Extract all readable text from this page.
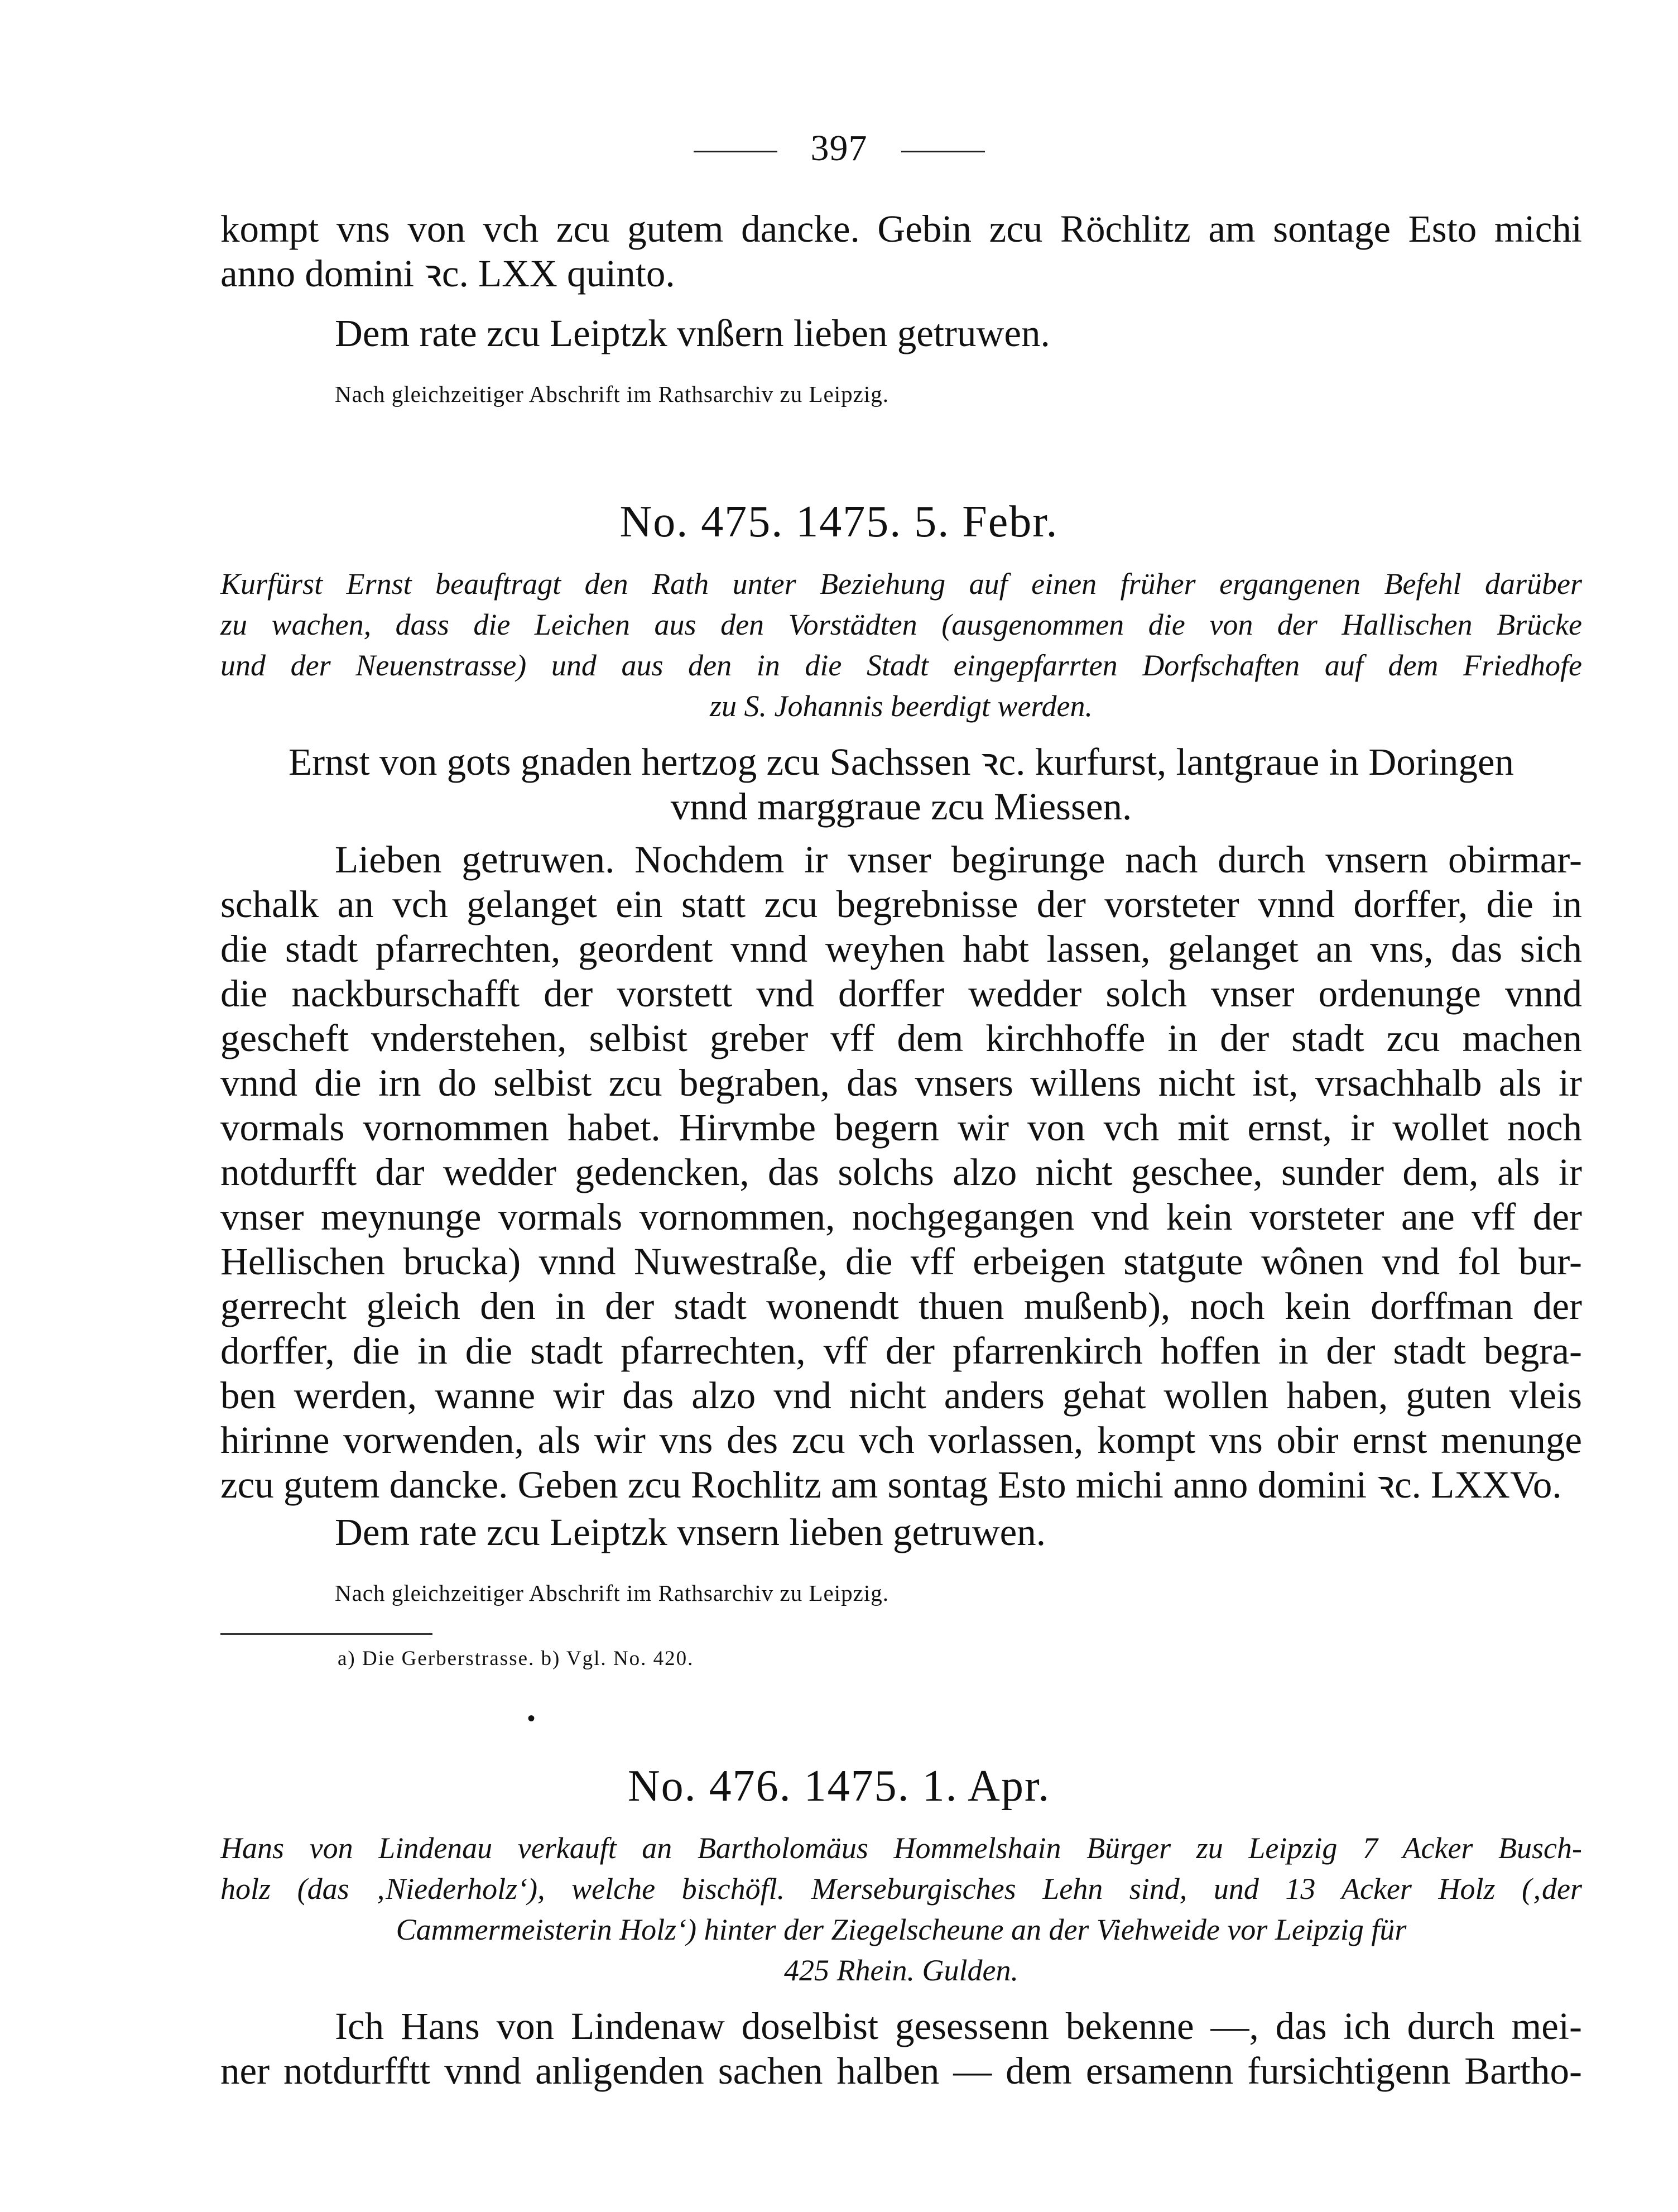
397
kompt vns von vch zcu gutem dancke. Gebin zcu Röchlitz am sontage Esto michi
anno domini ꝛc. LXX quinto.
Dem rate zcu Leiptzk vnßern lieben getruwen.
Nach gleichzeitiger Abschrift im Rathsarchiv zu Leipzig.
No. 475. 1475. 5. Febr.
Kurfürst Ernst beauftragt den Rath unter Beziehung auf einen früher ergangenen Befehl darüber
zu wachen, dass die Leichen aus den Vorstädten (ausgenommen die von der Hallischen Brücke
und der Neuenstrasse) und aus den in die Stadt eingepfarrten Dorfschaften auf dem Friedhofe
zu S. Johannis beerdigt werden.
Ernst von gots gnaden hertzog zcu Sachssen ꝛc. kurfurst, lantgraue in Doringen
vnnd marggraue zcu Miessen.
Lieben getruwen. Nochdem ir vnser begirunge nach durch vnsern obirmar-
schalk an vch gelanget ein statt zcu begrebnisse der vorsteter vnnd dorffer, die in
die stadt pfarrechten, geordent vnnd weyhen habt lassen, gelanget an vns, das sich
die nackburschafft der vorstett vnd dorffer wedder solch vnser ordenunge vnnd
gescheft vnderstehen, selbist greber vff dem kirchhoffe in der stadt zcu machen
vnnd die irn do selbist zcu begraben, das vnsers willens nicht ist, vrsachhalb als ir
vormals vornommen habet. Hirvmbe begern wir von vch mit ernst, ir wollet noch
notdurfft dar wedder gedencken, das solchs alzo nicht geschee, sunder dem, als ir
vnser meynunge vormals vornommen, nochgegangen vnd kein vorsteter ane vff der
Hellischen brucka) vnnd Nuwestraße, die vff erbeigen statgute wônen vnd fol bur-
gerrecht gleich den in der stadt wonendt thuen mußenb), noch kein dorffman der
dorffer, die in die stadt pfarrechten, vff der pfarrenkirch hoffen in der stadt begra-
ben werden, wanne wir das alzo vnd nicht anders gehat wollen haben, guten vleis
hirinne vorwenden, als wir vns des zcu vch vorlassen, kompt vns obir ernst menunge
zcu gutem dancke. Geben zcu Rochlitz am sontag Esto michi anno domini ꝛc. LXXVo.
Dem rate zcu Leiptzk vnsern lieben getruwen.
Nach gleichzeitiger Abschrift im Rathsarchiv zu Leipzig.
a) Die Gerberstrasse. b) Vgl. No. 420.
•
No. 476. 1475. 1. Apr.
Hans von Lindenau verkauft an Bartholomäus Hommelshain Bürger zu Leipzig 7 Acker Busch-
holz (das ‚Niederholz‘), welche bischöfl. Merseburgisches Lehn sind, und 13 Acker Holz (‚der
Cammermeisterin Holz‘) hinter der Ziegelscheune an der Viehweide vor Leipzig für
425 Rhein. Gulden.
Ich Hans von Lindenaw doselbist gesessenn bekenne —, das ich durch mei-
ner notdurfftt vnnd anligenden sachen halben — dem ersamenn fursichtigenn Bartho-
